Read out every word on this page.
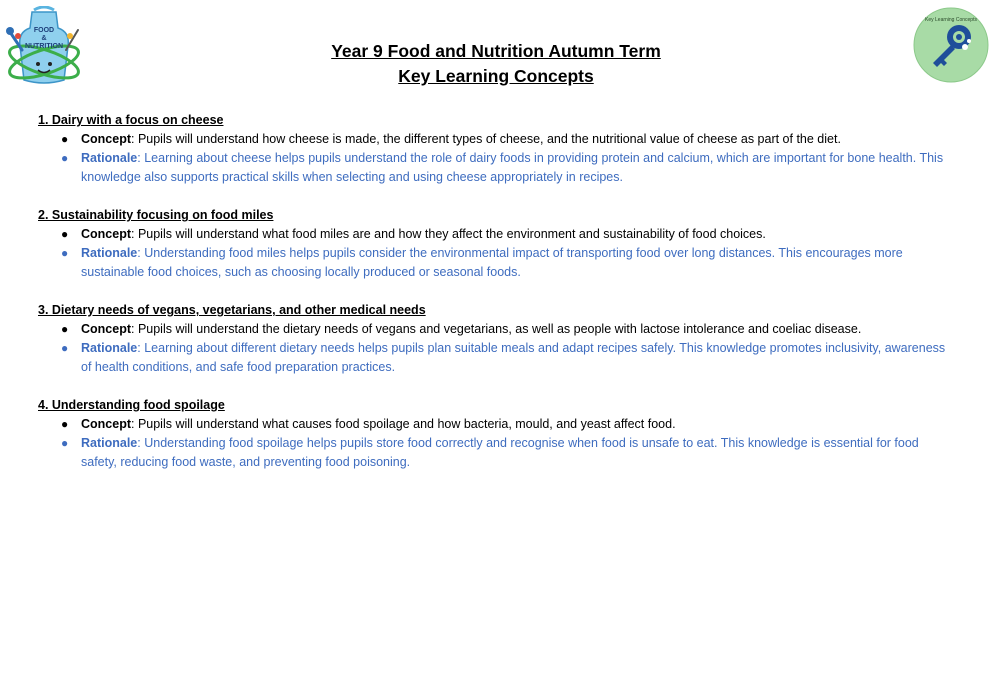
FOOD
&
NUTRITION
Key Learning Concepts
Year 9 Food and Nutrition Autumn Term
Key Learning Concepts
1. Dairy with a focus on cheese
● Concept: Pupils will understand how cheese is made, the different types of cheese, and the nutritional value of cheese as part of the diet.
● Rationale: Learning about cheese helps pupils understand the role of dairy foods in providing protein and calcium, which are important for bone health. This knowledge also supports practical skills when selecting and using cheese appropriately in recipes.
2. Sustainability focusing on food miles
● Concept: Pupils will understand what food miles are and how they affect the environment and sustainability of food choices.
● Rationale: Understanding food miles helps pupils consider the environmental impact of transporting food over long distances. This encourages more sustainable food choices, such as choosing locally produced or seasonal foods.
3. Dietary needs of vegans, vegetarians, and other medical needs
● Concept: Pupils will understand the dietary needs of vegans and vegetarians, as well as people with lactose intolerance and coeliac disease.
● Rationale: Learning about different dietary needs helps pupils plan suitable meals and adapt recipes safely. This knowledge promotes inclusivity, awareness of health conditions, and safe food preparation practices.
4. Understanding food spoilage
● Concept: Pupils will understand what causes food spoilage and how bacteria, mould, and yeast affect food.
● Rationale: Understanding food spoilage helps pupils store food correctly and recognise when food is unsafe to eat. This knowledge is essential for food safety, reducing food waste, and preventing food poisoning.
